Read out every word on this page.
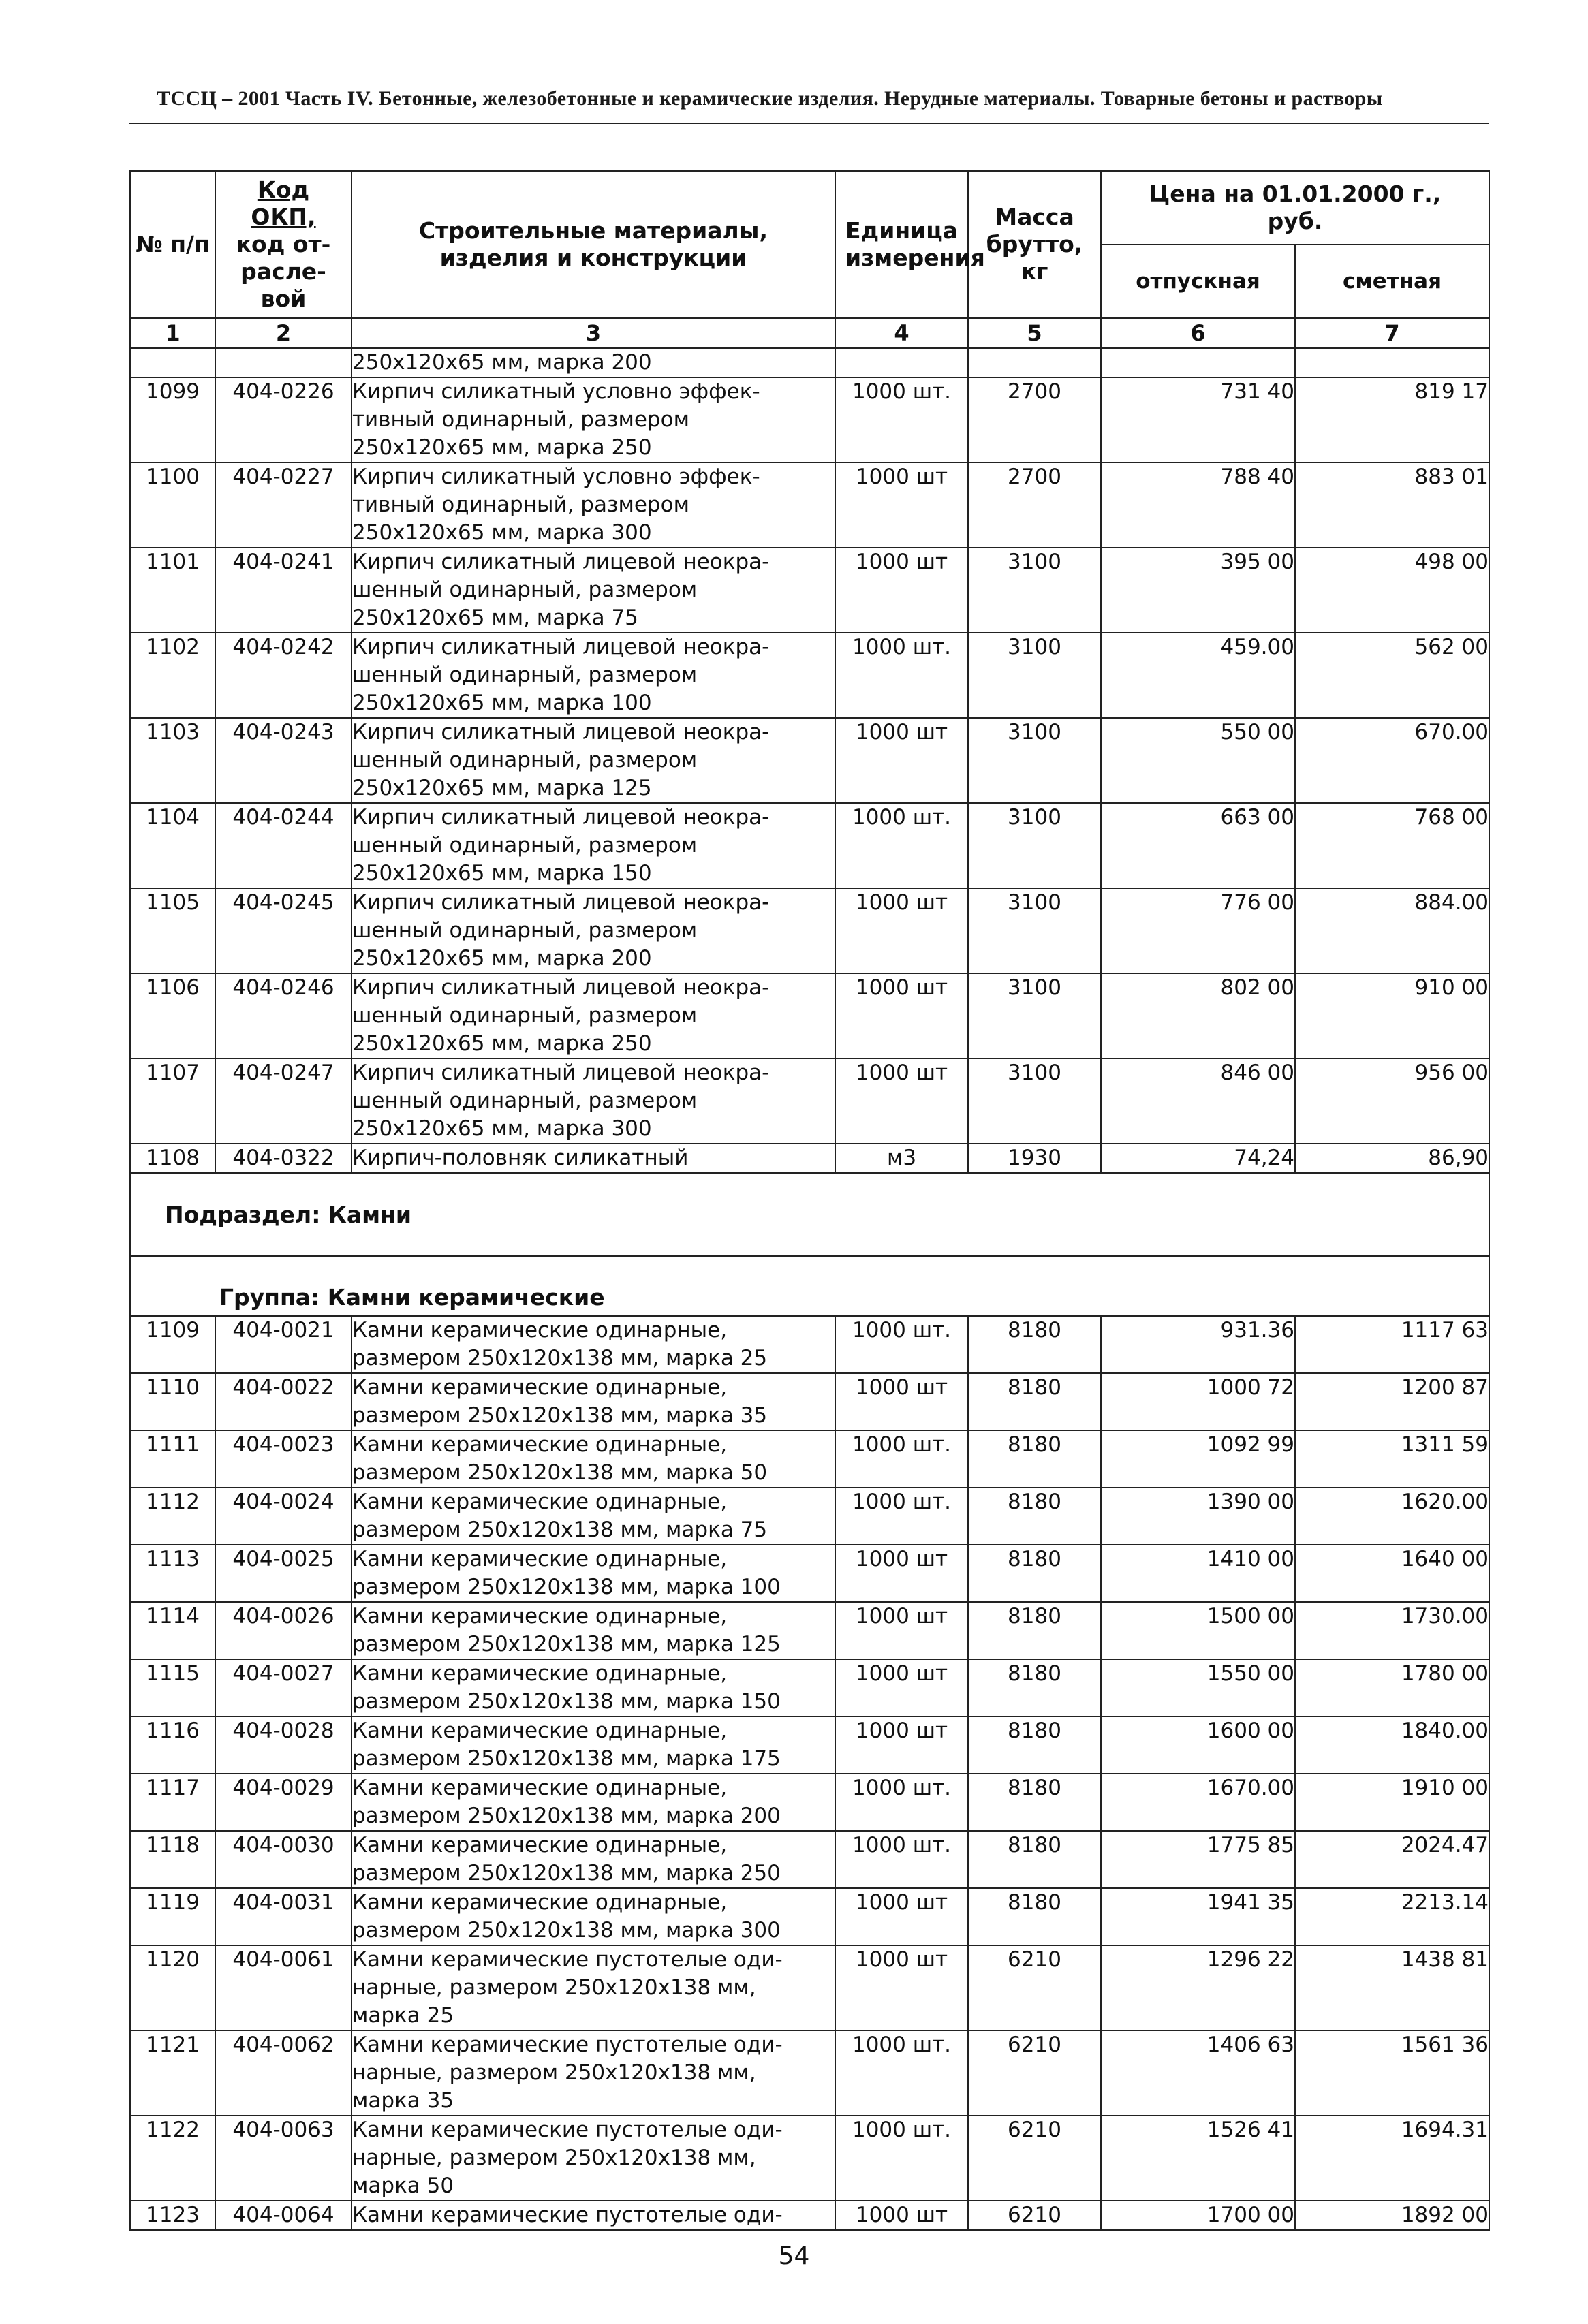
ТССЦ – 2001 Часть IV. Бетонные, железобетонные и керамические изделия. Нерудные материалы. Товарные бетоны и растворы
№ п/п	Код
ОКП,
код от-
расле-
вой	Строительные материалы, изделия и конструкции	Единица измерения	Масса брутто, кг	Цена на 01.01.2000 г., руб.	
					отпускная	сметная
1	2	3	4	5	6	7
		250x120x65 мм, марка 200				
1099	404-0226	Кирпич силикатный условно эффек-
тивный одинарный, размером
250x120x65 мм, марка 250	1000 шт.	2700	731 40	819 17
1100	404-0227	Кирпич силикатный условно эффек-
тивный одинарный, размером
250x120x65 мм, марка 300	1000 шт	2700	788 40	883 01
1101	404-0241	Кирпич силикатный лицевой неокра-
шенный одинарный, размером
250x120x65 мм, марка 75	1000 шт	3100	395 00	498 00
1102	404-0242	Кирпич силикатный лицевой неокра-
шенный одинарный, размером
250x120x65 мм, марка 100	1000 шт.	3100	459.00	562 00
1103	404-0243	Кирпич силикатный лицевой неокра-
шенный одинарный, размером
250x120x65 мм, марка 125	1000 шт	3100	550 00	670.00
1104	404-0244	Кирпич силикатный лицевой неокра-
шенный одинарный, размером
250x120x65 мм, марка 150	1000 шт.	3100	663 00	768 00
1105	404-0245	Кирпич силикатный лицевой неокра-
шенный одинарный, размером
250x120x65 мм, марка 200	1000 шт	3100	776 00	884.00
1106	404-0246	Кирпич силикатный лицевой неокра-
шенный одинарный, размером
250x120x65 мм, марка 250	1000 шт	3100	802 00	910 00
1107	404-0247	Кирпич силикатный лицевой неокра-
шенный одинарный, размером
250x120x65 мм, марка 300	1000 шт	3100	846 00	956 00
1108	404-0322	Кирпич-половняк силикатный	м3	1930	74,24	86,90
Подраздел: Камни						
Группа: Камни керамические						
1109	404-0021	Камни керамические одинарные,
размером 250x120x138 мм, марка 25	1000 шт.	8180	931.36	1117 63
1110	404-0022	Камни керамические одинарные,
размером 250x120x138 мм, марка 35	1000 шт	8180	1000 72	1200 87
1111	404-0023	Камни керамические одинарные,
размером 250x120x138 мм, марка 50	1000 шт.	8180	1092 99	1311 59
1112	404-0024	Камни керамические одинарные,
размером 250x120x138 мм, марка 75	1000 шт.	8180	1390 00	1620.00
1113	404-0025	Камни керамические одинарные,
размером 250x120x138 мм, марка 100	1000 шт	8180	1410 00	1640 00
1114	404-0026	Камни керамические одинарные,
размером 250x120x138 мм, марка 125	1000 шт	8180	1500 00	1730.00
1115	404-0027	Камни керамические одинарные,
размером 250x120x138 мм, марка 150	1000 шт	8180	1550 00	1780 00
1116	404-0028	Камни керамические одинарные,
размером 250x120x138 мм, марка 175	1000 шт	8180	1600 00	1840.00
1117	404-0029	Камни керамические одинарные,
размером 250x120x138 мм, марка 200	1000 шт.	8180	1670.00	1910 00
1118	404-0030	Камни керамические одинарные,
размером 250x120x138 мм, марка 250	1000 шт.	8180	1775 85	2024.47
1119	404-0031	Камни керамические одинарные,
размером 250x120x138 мм, марка 300	1000 шт	8180	1941 35	2213.14
1120	404-0061	Камни керамические пустотелые оди-
нарные, размером 250x120x138 мм,
марка 25	1000 шт	6210	1296 22	1438 81
1121	404-0062	Камни керамические пустотелые оди-
нарные, размером 250x120x138 мм,
марка 35	1000 шт.	6210	1406 63	1561 36
1122	404-0063	Камни керамические пустотелые оди-
нарные, размером 250x120x138 мм,
марка 50	1000 шт.	6210	1526 41	1694.31
1123	404-0064	Камни керамические пустотелые оди-	1000 шт	6210	1700 00	1892 00
54
